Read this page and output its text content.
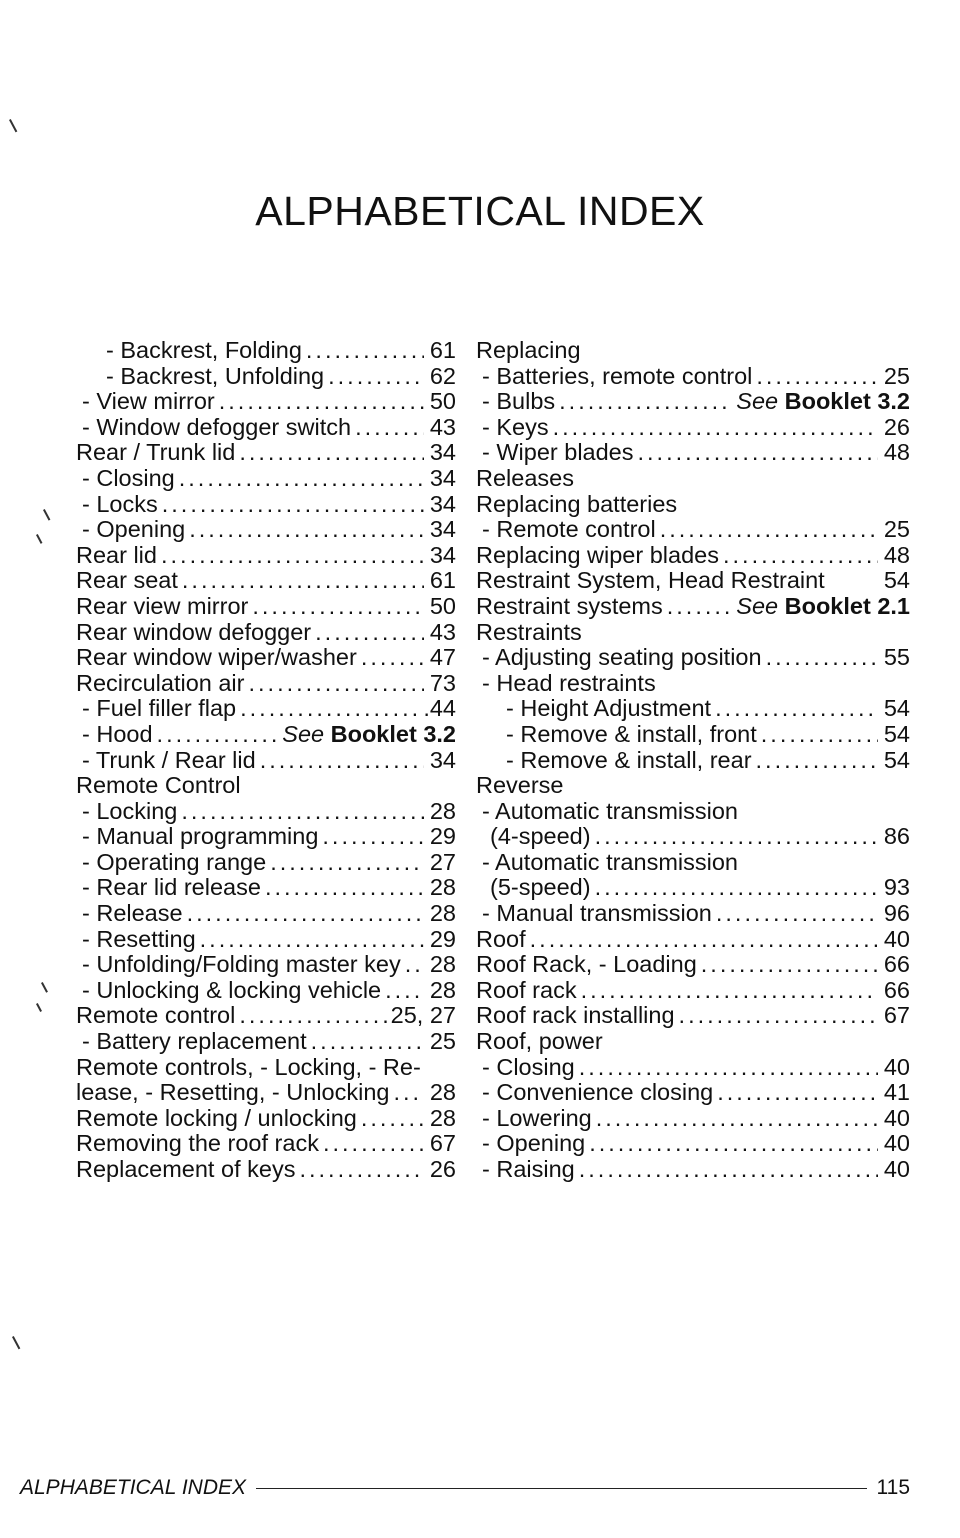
ALPHABETICAL INDEX
- Backrest, Folding .....	61
- Backrest, Unfolding .....	62
- View mirror .....	50
- Window defogger switch .....	43
Rear / Trunk lid .....	34
- Closing .....	34
- Locks .....	34
- Opening .....	34
Rear lid .....	34
Rear seat .....	61
Rear view mirror .....	50
Rear window defogger .....	43
Rear window wiper/washer .....	47
Recirculation air .....	73
- Fuel filler flap .....	.44
- Hood .....	See Booklet 3.2
- Trunk / Rear lid .....	34
Remote Control
- Locking .....	28
- Manual programming .....	29
- Operating range .....	27
- Rear lid release .....	28
- Release .....	28
- Resetting .....	29
- Unfolding/Folding master key ..... 28
- Unlocking & locking vehicle ..... 28
Remote control .....	25, 27
- Battery replacement .....	25
Remote controls, - Locking, - Re-
lease, - Resetting, - Unlocking ..... 28
Remote locking / unlocking .....	28
Removing the roof rack .....	67
Replacement of keys .....	26
Replacing
- Batteries, remote control .....	25
- Bulbs .....	See Booklet 3.2
- Keys .....	26
- Wiper blades .....	48
Releases
Replacing batteries
- Remote control .....	25
Replacing wiper blades .....	48
Restraint System, Head Restraint	54
Restraint systems .....	See Booklet 2.1
Restraints
- Adjusting seating position .....	55
- Head restraints
- Height Adjustment .....	54
- Remove & install, front .....	54
- Remove & install, rear .....	54
Reverse
- Automatic transmission
(4-speed) .....	86
- Automatic transmission
(5-speed) .....	93
- Manual transmission .....	96
Roof .....	40
Roof Rack, - Loading .....	66
Roof rack .....	66
Roof rack installing .....	67
Roof, power
- Closing .....	40
- Convenience closing .....	41
- Lowering .....	40
- Opening .....	40
- Raising .....	40
ALPHABETICAL INDEX	115
